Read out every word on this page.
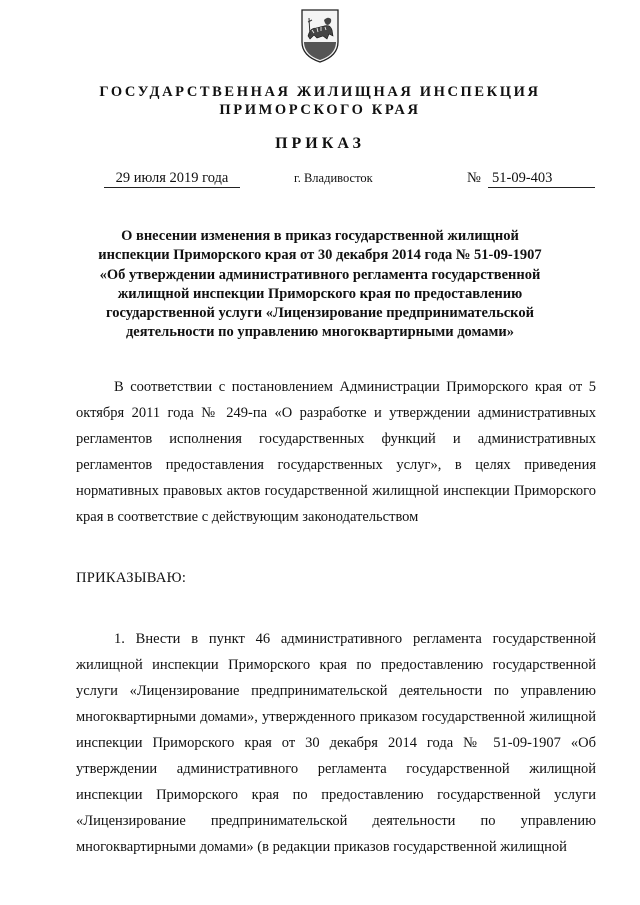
ГОСУДАРСТВЕННАЯ ЖИЛИЩНАЯ ИНСПЕКЦИЯ
ПРИМОРСКОГО КРАЯ
ПРИКАЗ
29 июля 2019 года	г. Владивосток	№ 51-09-403
О внесении изменения в приказ государственной жилищной инспекции Приморского края от 30 декабря 2014 года № 51-09-1907 «Об утверждении административного регламента государственной жилищной инспекции Приморского края по предоставлению государственной услуги «Лицензирование предпринимательской деятельности по управлению многоквартирными домами»
В соответствии с постановлением Администрации Приморского края от 5 октября 2011 года № 249-па «О разработке и утверждении административных регламентов исполнения государственных функций и административных регламентов предоставления государственных услуг», в целях приведения нормативных правовых актов государственной жилищной инспекции Приморского края в соответствие с действующим законодательством
ПРИКАЗЫВАЮ:
1. Внести в пункт 46 административного регламента государственной жилищной инспекции Приморского края по предоставлению государственной услуги «Лицензирование предпринимательской деятельности по управлению многоквартирными домами», утвержденного приказом государственной жилищной инспекции Приморского края от 30 декабря 2014 года № 51-09-1907 «Об утверждении административного регламента государственной жилищной инспекции Приморского края по предоставлению государственной услуги «Лицензирование предпринимательской деятельности по управлению многоквартирными домами» (в редакции приказов государственной жилищной
